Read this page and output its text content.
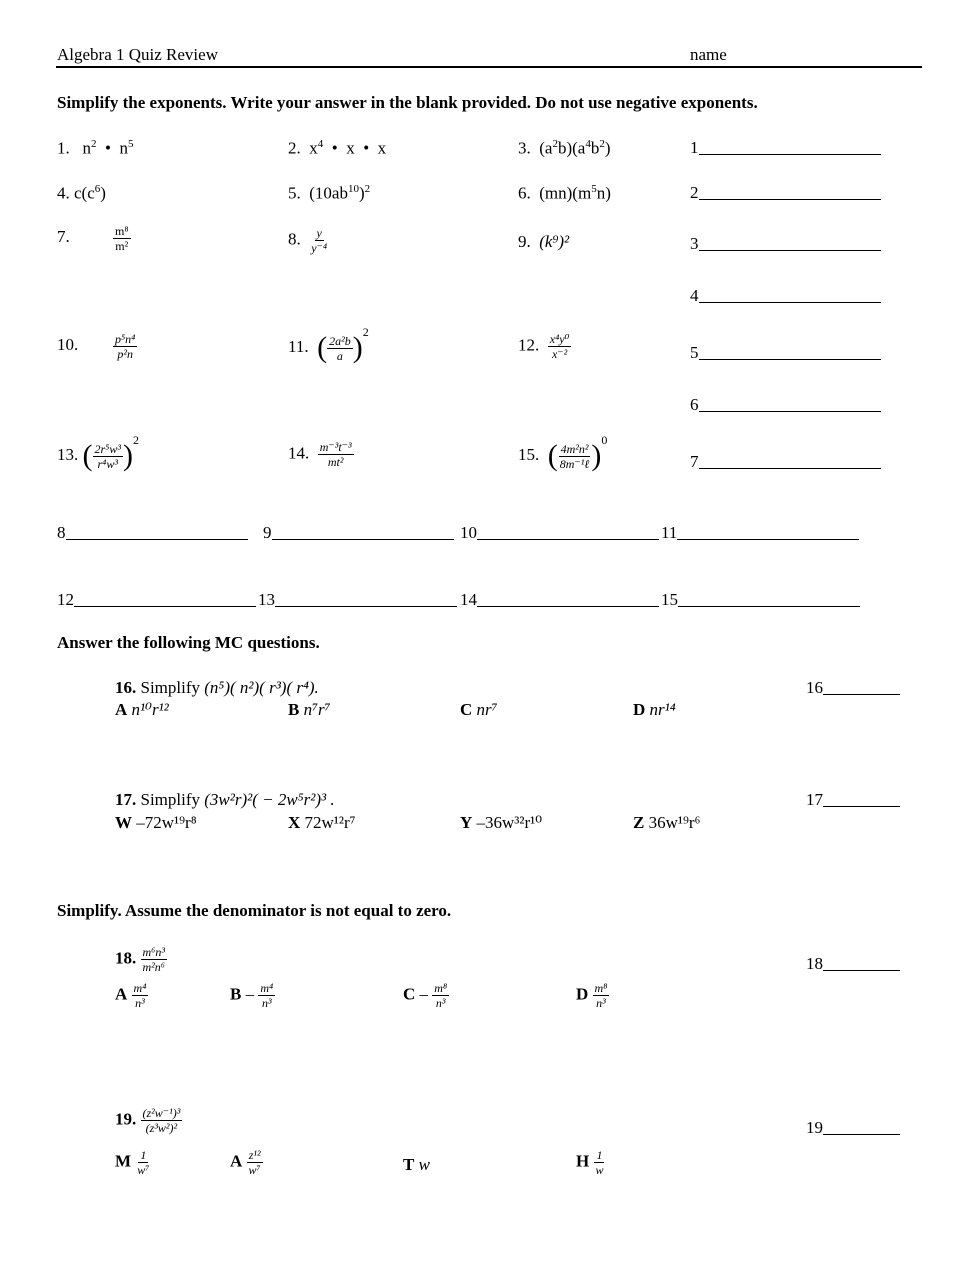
Algebra 1 Quiz Review	name
Simplify the exponents. Write your answer in the blank provided. Do not use negative exponents.
1. $n^2$ • $n^5$	2. $x^4$ • x • x	3. $(a^2b)(a^4b^2)$
4. $c(c^6)$	5. $(10ab^{10})^2$	6. $(mn)(m^5n)$
7.	$\frac{\text{m⁸}}{\text{m²}}$	8. $\frac{y}{\text{y⁻⁴}}$	9. (k⁹)²
10.	$\frac{\text{p⁵n⁴}}{\text{p²n}}$	11. ( $\frac{\text{2a²b}}{a} )^2$
12. $\frac{\text{x⁴y⁰}}{\text{x⁻²}}$
13. ( $\frac{\text{2r⁵w³}}{\text{r⁴w³}} )^2$
14. $\frac{\text{m⁻³t⁻³}}{\text{mt²}}$	15. ( $\frac{\text{4m²n²}}{\text{8m⁻¹ℓ}} )^0$
1
2
3
4
5
6
7
8	9	10	11
12	13	14	15
Answer the following MC questions.
16. Simplify (n⁵)( n²)( r³)( r⁴).
A n¹⁰r¹²	B n⁷r⁷	C nr⁷	D nr¹⁴
16
17. Simplify (3w²r)²( − 2w⁵r²)³ .
W –72w¹⁹r⁸	X 72w¹²r⁷	Y –36w³²r¹⁰	Z 36w¹⁹r⁶
17
Simplify. Assume the denominator is not equal to zero.
18. $\frac{\text{m⁶n³}}{\text{m²n⁶}}$
A $\frac{\text{m⁴}}{\text{n³}}$	B – $\frac{\text{m⁴}}{\text{n³}}$	C – $\frac{\text{m⁸}}{\text{n³}}$	D $\frac{\text{m⁸}}{\text{n³}}$
18
19. $\frac{\text{(z²w⁻¹)³}}{\text{(z³w²)²}}$
M $\frac{1}{\text{w⁷}}$	A $\frac{\text{z¹²}}{\text{w⁷}}$	T w	H $\frac{1}{w}$
19
